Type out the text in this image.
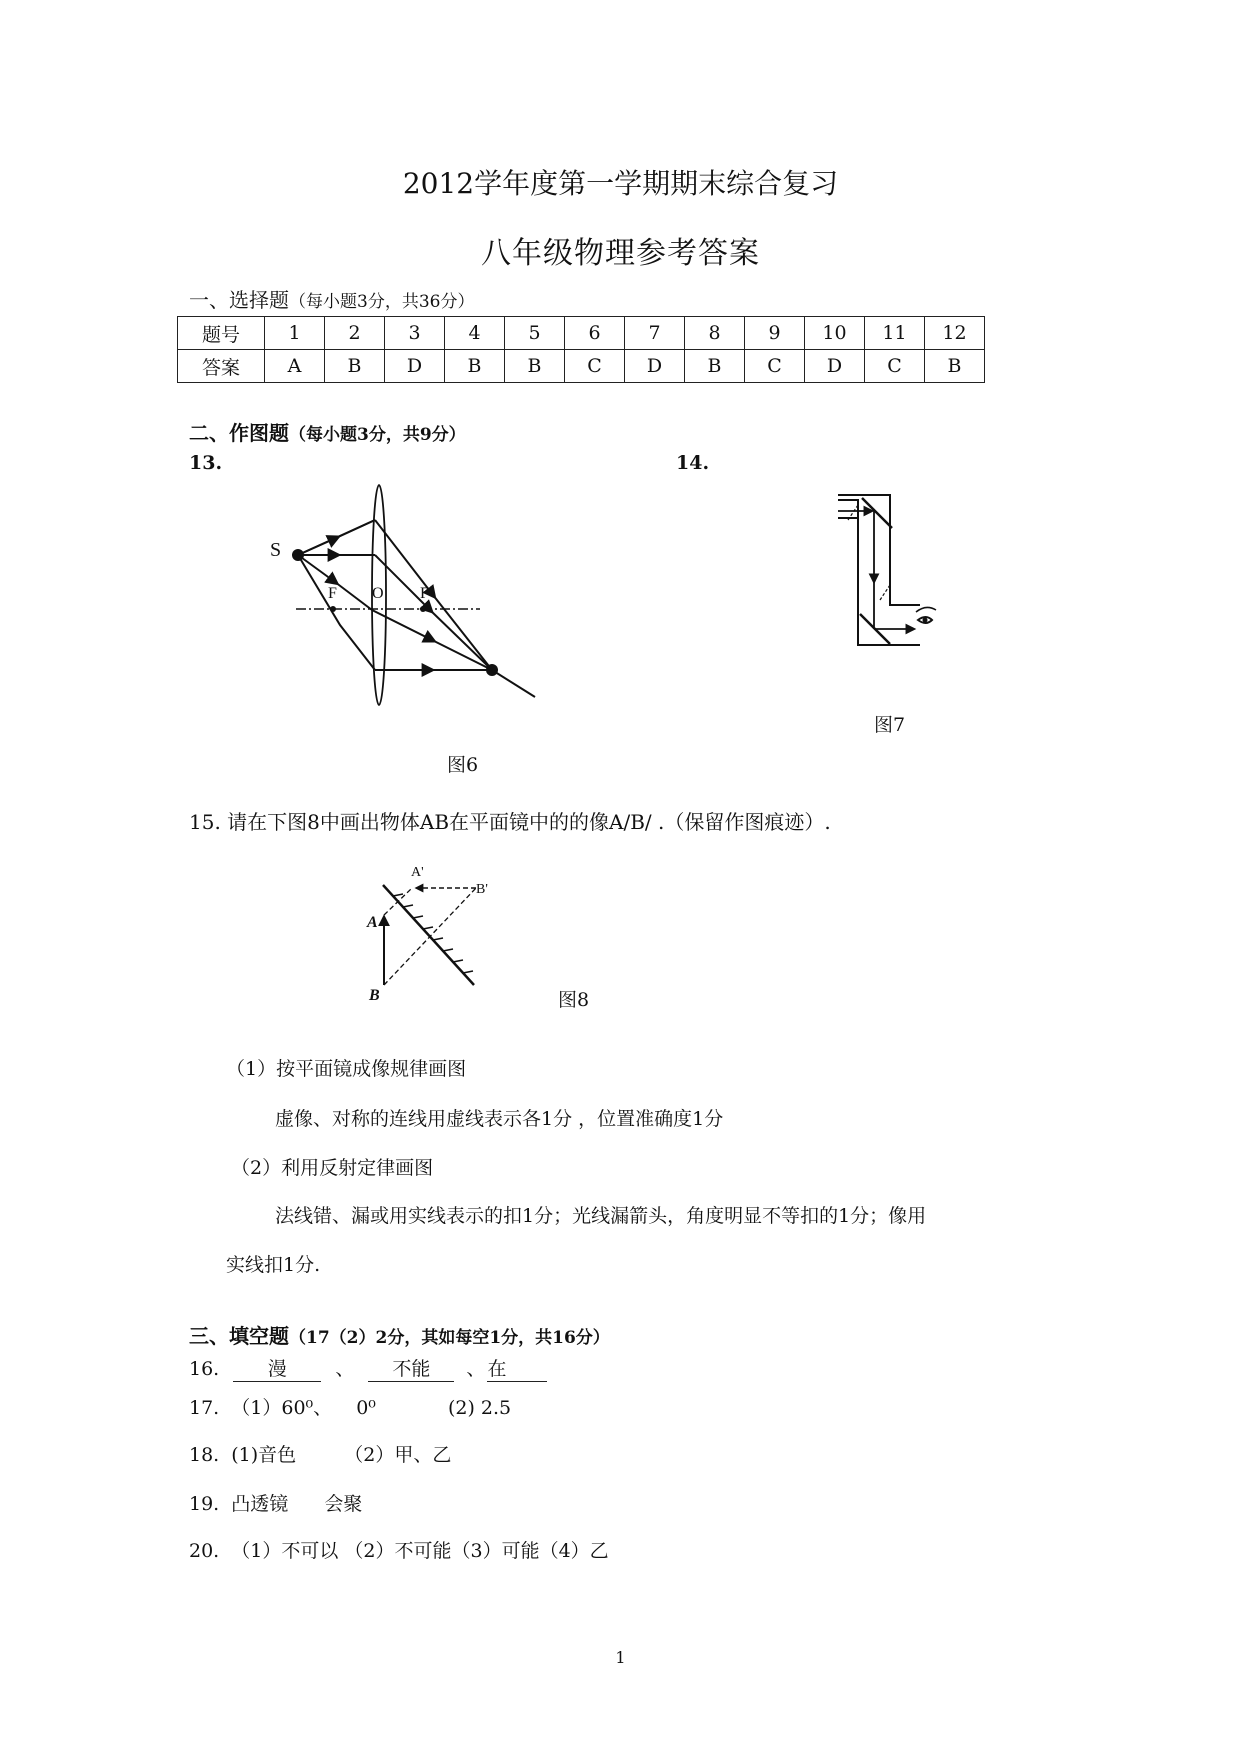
2012学年度第一学期期末综合复习
八年级物理参考答案
一、选择题（每小题3分，共36分）
题号	1	2	3	4	5	6	7	8	9	10	11	12
答案	A	B	D	B	B	C	D	B	C	D	C	B
二、作图题（每小题3分，共9分）
13.	14.
S
F O F
图6
图7
15. 请在下图8中画出物体AB在平面镜中的的像A/B/ .（保留作图痕迹）.
A'
B'
A
B	图8
（1）按平面镜成像规律画图
虚像、对称的连线用虚线表示各1分 ，位置准确度1分
（2）利用反射定律画图
法线错、漏或用实线表示的扣1分；光线漏箭头，角度明显不等扣的1分；像用
实线扣1分.
三、填空题（17（2）2分，其如每空1分，共16分）
16.	漫	、 不能 、 在
17. （1）60⁰、 0⁰	(2) 2.5
18. (1)音色	（2）甲、乙
19. 凸透镜 会聚
20. （1）不可以 （2）不可能（3）可能（4）乙
1
